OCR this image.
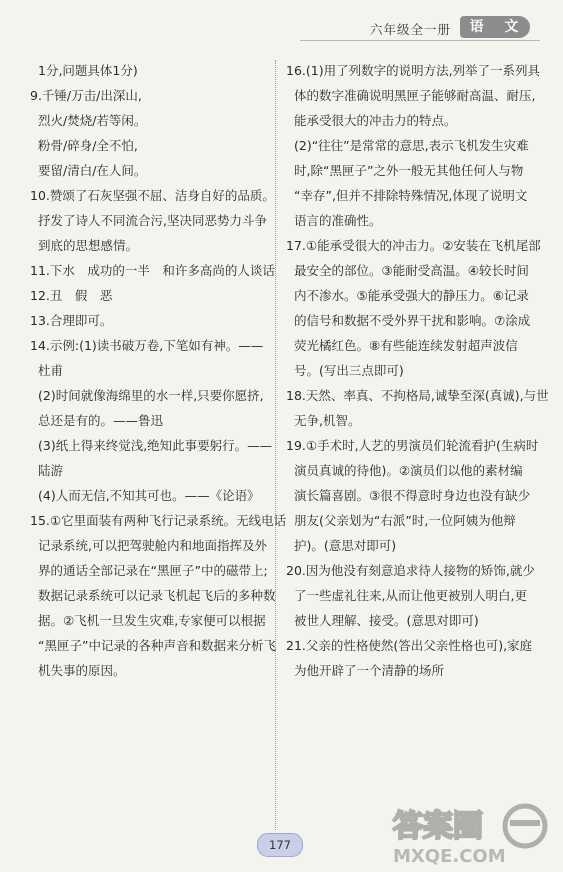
六年级全一册	语 文
1分,问题具体1分)
9.千锤/万击/出深山,
烈火/焚烧/若等闲。
粉骨/碎身/全不怕,
要留/清白/在人间。
10.赞颂了石灰坚强不屈、洁身自好的品质。
抒发了诗人不同流合污,坚决同恶势力斗争
到底的思想感情。
11.下水　成功的一半　和许多高尚的人谈话
12.丑　假　恶
13.合理即可。
14.示例:(1)读书破万卷,下笔如有神。——
杜甫
(2)时间就像海绵里的水一样,只要你愿挤,
总还是有的。——鲁迅
(3)纸上得来终觉浅,绝知此事要躬行。——
陆游
(4)人而无信,不知其可也。——《论语》
15.①它里面装有两种飞行记录系统。无线电话
记录系统,可以把驾驶舱内和地面指挥及外
界的通话全部记录在“黑匣子”中的磁带上;
数据记录系统可以记录飞机起飞后的多种数
据。②飞机一旦发生灾难,专家便可以根据
“黑匣子”中记录的各种声音和数据来分析飞
机失事的原因。
16.(1)用了列数字的说明方法,列举了一系列具
体的数字准确说明黑匣子能够耐高温、耐压,
能承受很大的冲击力的特点。
(2)“往往”是常常的意思,表示飞机发生灾难
时,除“黑匣子”之外一般无其他任何人与物
“幸存”,但并不排除特殊情况,体现了说明文
语言的准确性。
17.①能承受很大的冲击力。②安装在飞机尾部
最安全的部位。③能耐受高温。④较长时间
内不渗水。⑤能承受强大的静压力。⑥记录
的信号和数据不受外界干扰和影响。⑦涂成
荧光橘红色。⑧有些能连续发射超声波信
号。(写出三点即可)
18.天然、率真、不拘格局,诚挚至深(真诚),与世
无争,机智。
19.①手术时,人艺的男演员们轮流看护(生病时
演员真诚的待他)。②演员们以他的素材编
演长篇喜剧。③很不得意时身边也没有缺少
朋友(父亲划为“右派”时,一位阿姨为他辩
护)。(意思对即可)
20.因为他没有刻意追求待人接物的矫饰,就少
了一些虚礼往来,从而让他更被别人明白,更
被世人理解、接受。(意思对即可)
21.父亲的性格使然(答出父亲性格也可),家庭
为他开辟了一个清静的场所
177
答案圈
MXQE.COM
